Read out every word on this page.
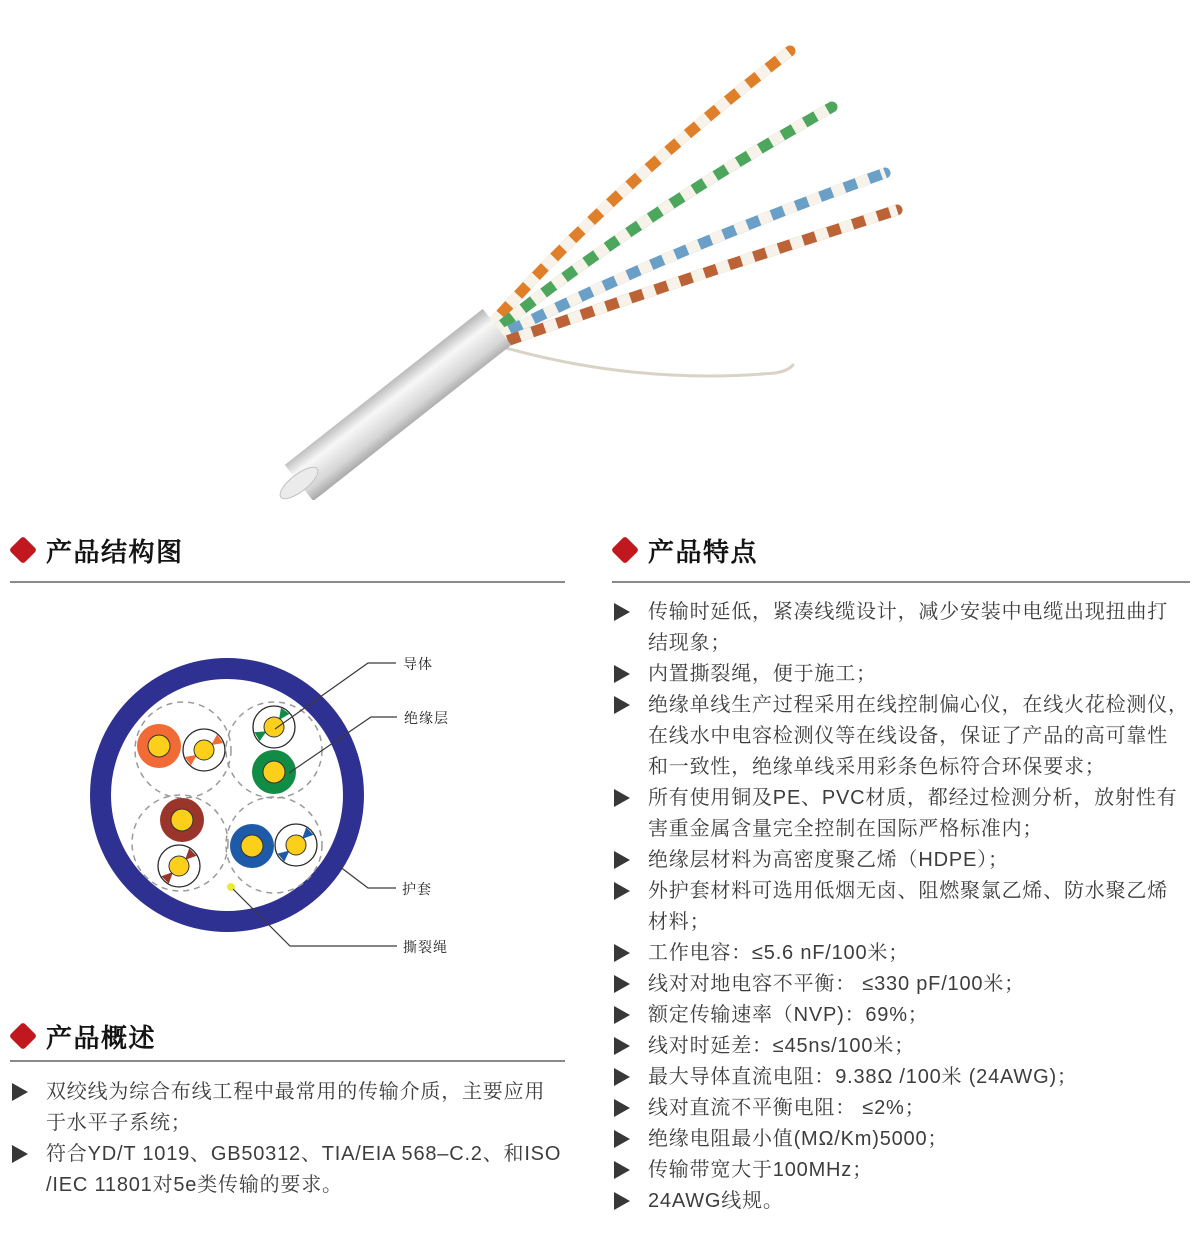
产品结构图
导体
绝缘层
护套
撕裂绳
产品概述
双绞线为综合布线工程中最常用的传输介质，主要应用
于水平子系统；
符合YD/T 1019、GB50312、TIA/EIA 568–C.2、和ISO
/IEC 11801对5e类传输的要求。
产品特点
传输时延低，紧凑线缆设计，减少安装中电缆出现扭曲打
结现象；
内置撕裂绳，便于施工；
绝缘单线生产过程采用在线控制偏心仪，在线火花检测仪，
在线水中电容检测仪等在线设备，保证了产品的高可靠性
和一致性，绝缘单线采用彩条色标符合环保要求；
所有使用铜及PE、PVC材质，都经过检测分析，放射性有
害重金属含量完全控制在国际严格标准内；
绝缘层材料为高密度聚乙烯（HDPE）；
外护套材料可选用低烟无卤、阻燃聚氯乙烯、防水聚乙烯
材料；
工作电容：≤5.6 nF/100米；
线对对地电容不平衡： ≤330 pF/100米；
额定传输速率（NVP)：69%；
线对时延差：≤45ns/100米；
最大导体直流电阻：9.38Ω /100米 (24AWG)；
线对直流不平衡电阻： ≤2%；
绝缘电阻最小值(MΩ/Km)5000；
传输带宽大于100MHz；
24AWG线规。
